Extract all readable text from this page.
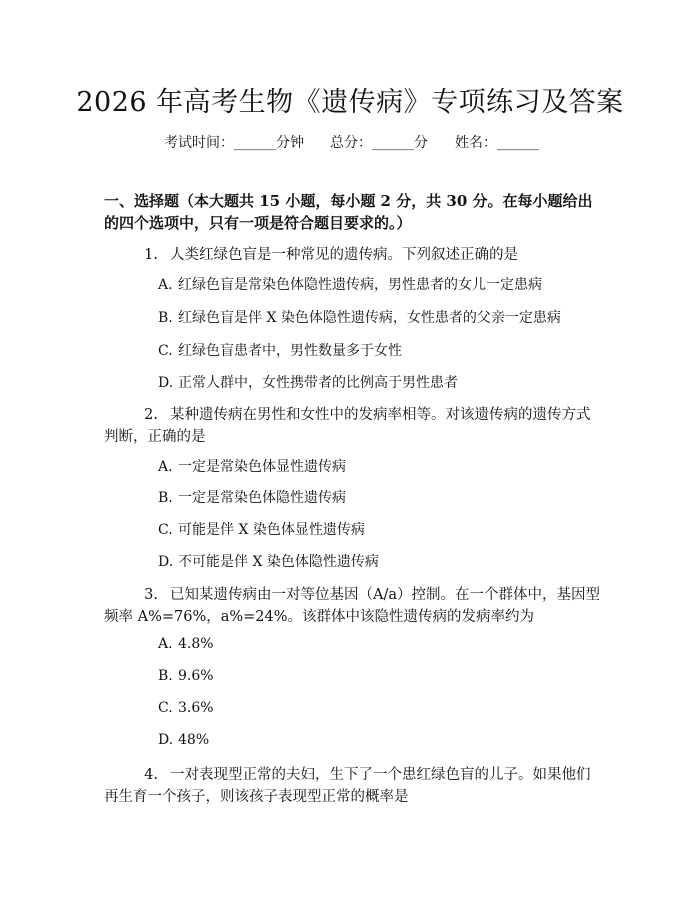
2026 年高考生物《遗传病》专项练习及答案
考试时间：______分钟 总分：______分 姓名：______
一、选择题（本大题共 15 小题，每小题 2 分，共 30 分。在每小题给出的四个选项中，只有一项是符合题目要求的。）
1. 人类红绿色盲是一种常见的遗传病。下列叙述正确的是
A. 红绿色盲是常染色体隐性遗传病，男性患者的女儿一定患病
B. 红绿色盲是伴 X 染色体隐性遗传病，女性患者的父亲一定患病
C. 红绿色盲患者中，男性数量多于女性
D. 正常人群中，女性携带者的比例高于男性患者
2. 某种遗传病在男性和女性中的发病率相等。对该遗传病的遗传方式判断，正确的是
A. 一定是常染色体显性遗传病
B. 一定是常染色体隐性遗传病
C. 可能是伴 X 染色体显性遗传病
D. 不可能是伴 X 染色体隐性遗传病
3. 已知某遗传病由一对等位基因（A/a）控制。在一个群体中，基因型频率 A%=76%，a%=24%。该群体中该隐性遗传病的发病率约为
A. 4.8%
B. 9.6%
C. 3.6%
D. 48%
4. 一对表现型正常的夫妇，生下了一个患红绿色盲的儿子。如果他们再生育一个孩子，则该孩子表现型正常的概率是
